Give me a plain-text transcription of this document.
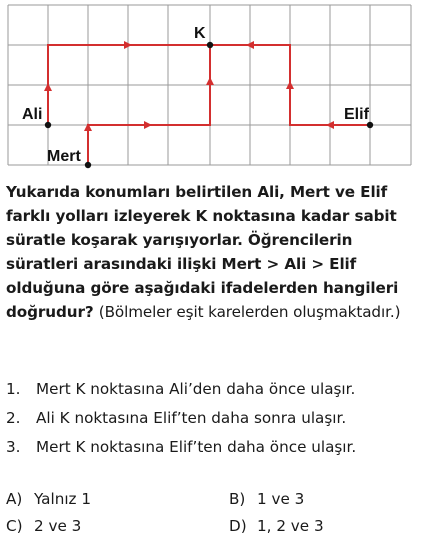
K
Ali
Mert
Elif
Yukarıda konumları belirtilen Ali, Mert ve Elif farklı yolları izleyerek K noktasına kadar sabit süratle koşarak yarışıyorlar. Öğrencilerin süratleri arasındaki ilişki Mert > Ali > Elif olduğuna göre aşağıdaki ifadelerden hangileri doğrudur? (Bölmeler eşit karelerden oluşmaktadır.)
1. Mert K noktasına Ali’den daha önce ulaşır.
2. Ali K noktasına Elif’ten daha sonra ulaşır.
3. Mert K noktasına Elif’ten daha önce ulaşır.
A) Yalnız 1	B) 1 ve 3
C) 2 ve 3	D) 1, 2 ve 3
